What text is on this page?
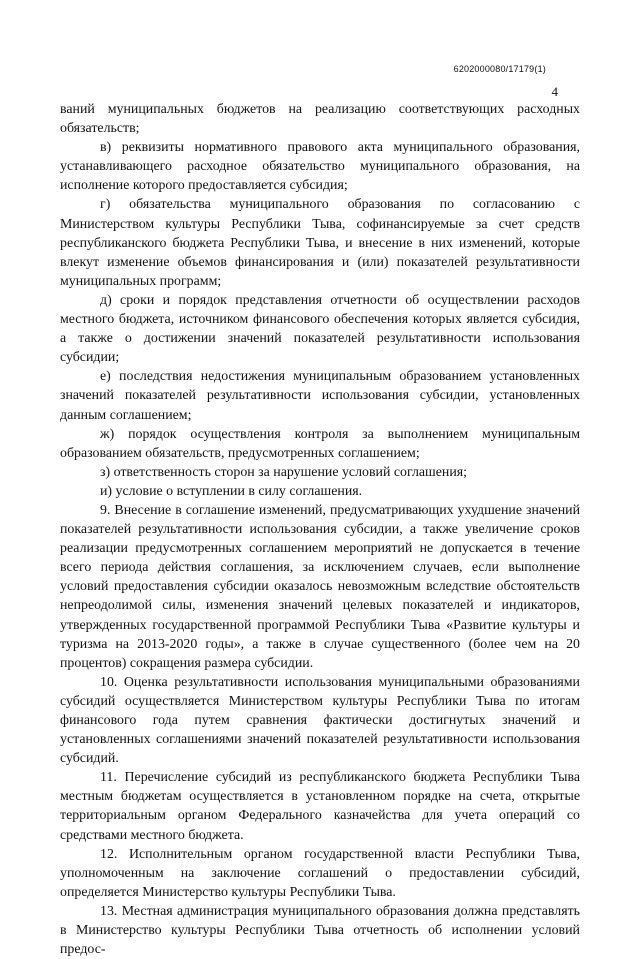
6202000080/17179(1)
4

ваний муниципальных бюджетов на реализацию соответствующих расходных обязательств;

в) реквизиты нормативного правового акта муниципального образования, устанавливающего расходное обязательство муниципального образования, на исполнение которого предоставляется субсидия;

г) обязательства муниципального образования по согласованию с Министерством культуры Республики Тыва, софинансируемые за счет средств республиканского бюджета Республики Тыва, и внесение в них изменений, которые влекут изменение объемов финансирования и (или) показателей результативности муниципальных программ;

д) сроки и порядок представления отчетности об осуществлении расходов местного бюджета, источником финансового обеспечения которых является субсидия, а также о достижении значений показателей результативности использования субсидии;

е) последствия недостижения муниципальным образованием установленных значений показателей результативности использования субсидии, установленных данным соглашением;

ж) порядок осуществления контроля за выполнением муниципальным образованием обязательств, предусмотренных соглашением;

з) ответственность сторон за нарушение условий соглашения;

и) условие о вступлении в силу соглашения.

9. Внесение в соглашение изменений, предусматривающих ухудшение значений показателей результативности использования субсидии, а также увеличение сроков реализации предусмотренных соглашением мероприятий не допускается в течение всего периода действия соглашения, за исключением случаев, если выполнение условий предоставления субсидии оказалось невозможным вследствие обстоятельств непреодолимой силы, изменения значений целевых показателей и индикаторов, утвержденных государственной программой Республики Тыва «Развитие культуры и туризма на 2013-2020 годы», а также в случае существенного (более чем на 20 процентов) сокращения размера субсидии.

10. Оценка результативности использования муниципальными образованиями субсидий осуществляется Министерством культуры Республики Тыва по итогам финансового года путем сравнения фактически достигнутых значений и установленных соглашениями значений показателей результативности использования субсидий.

11. Перечисление субсидий из республиканского бюджета Республики Тыва местным бюджетам осуществляется в установленном порядке на счета, открытые территориальным органом Федерального казначейства для учета операций со средствами местного бюджета.

12. Исполнительным органом государственной власти Республики Тыва, уполномоченным на заключение соглашений о предоставлении субсидий, определяется Министерство культуры Республики Тыва.

13. Местная администрация муниципального образования должна представлять в Министерство культуры Республики Тыва отчетность об исполнении условий предос-
